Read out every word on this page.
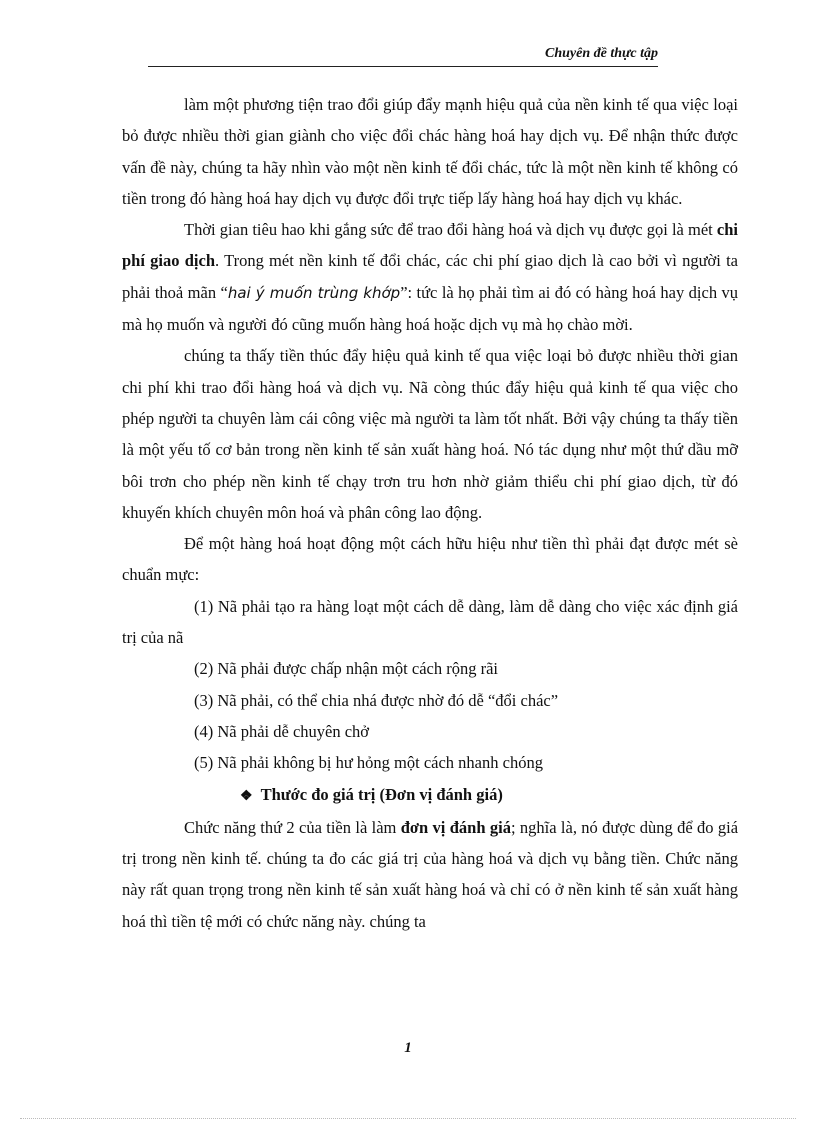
Chuyên đề thực tập

làm một phương tiện trao đổi giúp đẩy mạnh hiệu quả của nền kinh tế qua việc loại bỏ được nhiều thời gian giành cho việc đổi chác hàng hoá hay dịch vụ. Để nhận thức được vấn đề này, chúng ta hãy nhìn vào một nền kinh tế đổi chác, tức là một nền kinh tế không có tiền trong đó hàng hoá hay dịch vụ được đổi trực tiếp lấy hàng hoá hay dịch vụ khác.

Thời gian tiêu hao khi gắng sức để trao đổi hàng hoá và dịch vụ được gọi là mét chi phí giao dịch. Trong mét nền kinh tế đổi chác, các chi phí giao dịch là cao bởi vì người ta phải thoả mãn “hai ý muốn trùng khớp”: tức là họ phải tìm ai đó có hàng hoá hay dịch vụ mà họ muốn và người đó cũng muốn hàng hoá hoặc dịch vụ mà họ chào mời.

chúng ta thấy tiền thúc đẩy hiệu quả kinh tế qua việc loại bỏ được nhiều thời gian chi phí khi trao đổi hàng hoá và dịch vụ. Nã còng thúc đẩy hiệu quả kinh tế qua việc cho phép người ta chuyên làm cái công việc mà người ta làm tốt nhất. Bởi vậy chúng ta thấy tiền là một yếu tố cơ bản trong nền kinh tế sản xuất hàng hoá. Nó tác dụng như một thứ dầu mỡ bôi trơn cho phép nền kinh tế chạy trơn tru hơn nhờ giảm thiểu chi phí giao dịch, từ đó khuyến khích chuyên môn hoá và phân công lao động.

Để một hàng hoá hoạt động một cách hữu hiệu như tiền thì phải đạt được mét sè chuẩn mực:

(1) Nã phải tạo ra hàng loạt một cách dễ dàng, làm dễ dàng cho việc xác định giá trị của nã

(2) Nã phải được chấp nhận một cách rộng rãi

(3) Nã phải, có thể chia nhá được nhờ đó dễ “đổi chác”

(4) Nã phải dễ chuyên chở

(5) Nã phải không bị hư hỏng một cách nhanh chóng

❖ Thước đo giá trị (Đơn vị đánh giá)

Chức năng thứ 2 của tiền là làm đơn vị đánh giá; nghĩa là, nó được dùng để đo giá trị trong nền kinh tế. chúng ta đo các giá trị của hàng hoá và dịch vụ bằng tiền. Chức năng này rất quan trọng trong nền kinh tế sản xuất hàng hoá và chỉ có ở nền kinh tế sản xuất hàng hoá thì tiền tệ mới có chức năng này. chúng ta

1
